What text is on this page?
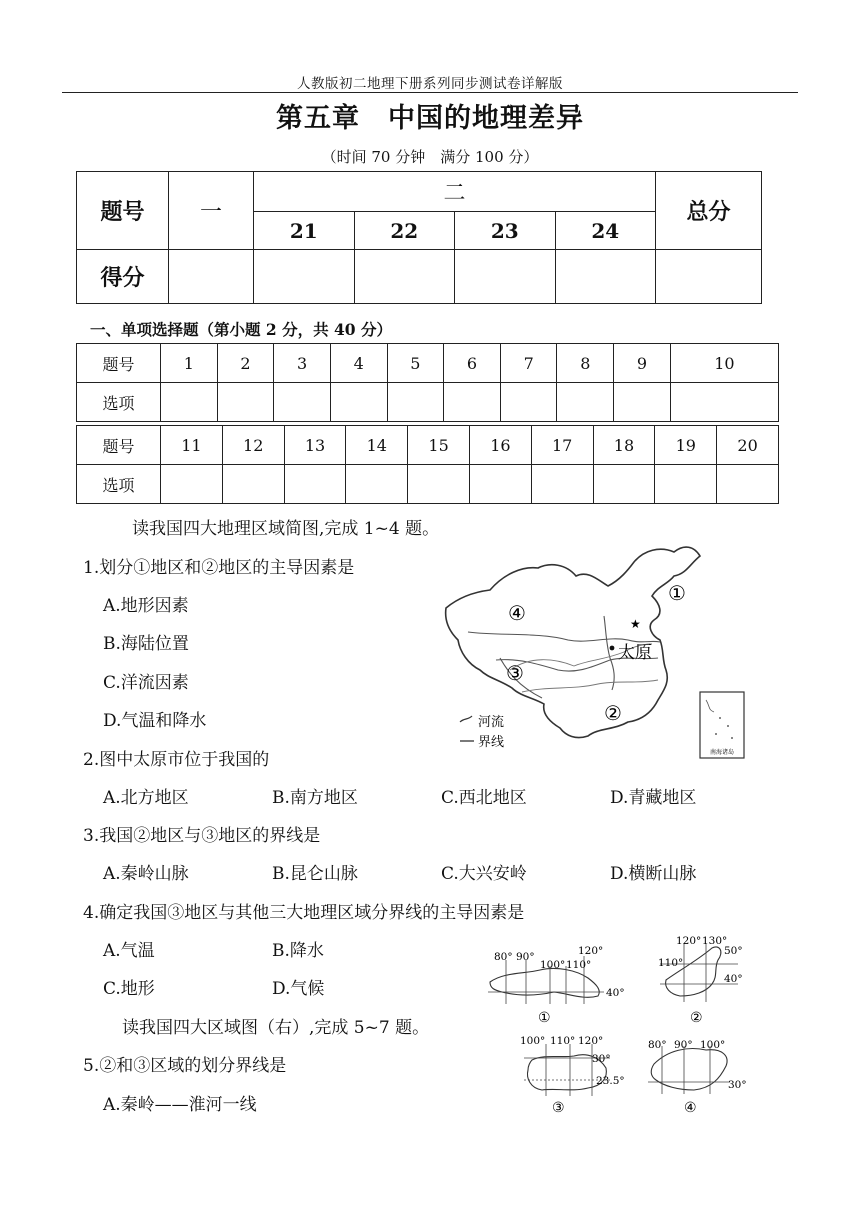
人教版初二地理下册系列同步测试卷详解版
第五章　中国的地理差异
（时间 70 分钟　满分 100 分）
题号	一	二				总分
		21	22	23	24	
得分						
一、单项选择题（第小题 2 分，共 40 分）
题号	1	2	3	4	5	6	7	8	9	10
选项										
题号	11	12	13	14	15	16	17	18	19	20
选项										
读我国四大地理区域简图,完成 1~4 题。
1.划分①地区和②地区的主导因素是
A.地形因素
B.海陆位置
C.洋流因素
D.气温和降水
2.图中太原市位于我国的
A.北方地区	B.南方地区	C.西北地区	D.青藏地区
3.我国②地区与③地区的界线是
A.秦岭山脉	B.昆仑山脉	C.大兴安岭	D.横断山脉
4.确定我国③地区与其他三大地理区域分界线的主导因素是
A.气温	B.降水
C.地形	D.气候
读我国四大区域图（右）,完成 5~7 题。
5.②和③区域的划分界线是
A.秦岭——淮河一线
①
②
③
④	★
太原
河流
界线
南海诸岛
80° 90°	120°
100° 110°
40°
①
120° 130°
110°
50°
40°
②
100° 110° 120°
30°
23.5°
③
80° 90° 100°
30°
④
